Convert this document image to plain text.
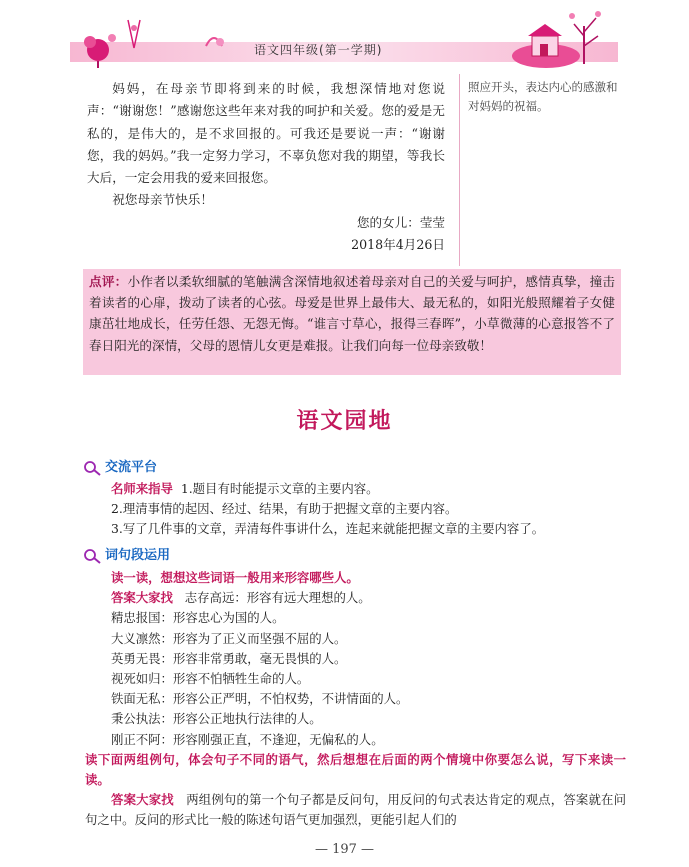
语文四年级(第一学期)

妈妈，在母亲节即将到来的时候，我想深情地对您说声：“谢谢您！”感谢您这些年来对我的呵护和关爱。您的爱是无私的，是伟大的，是不求回报的。可我还是要说一声：“谢谢您，我的妈妈。”我一定努力学习，不辜负您对我的期望，等我长大后，一定会用我的爱来回报您。

祝您母亲节快乐！

您的女儿：莹莹

2018年4月26日

照应开头，表达内心的感激和对妈妈的祝福。
点评：小作者以柔软细腻的笔触满含深情地叙述着母亲对自己的关爱与呵护，感情真挚，撞击着读者的心扉，拨动了读者的心弦。母爱是世界上最伟大、最无私的，如阳光般照耀着子女健康茁壮地成长，任劳任怨、无怨无悔。“谁言寸草心，报得三春晖”，小草微薄的心意报答不了春日阳光的深情，父母的恩情儿女更是难报。让我们向每一位母亲致敬！
语文园地
交流平台

名师来指导 1.题目有时能提示文章的主要内容。

2.理清事情的起因、经过、结果，有助于把握文章的主要内容。

3.写了几件事的文章，弄清每件事讲什么，连起来就能把握文章的主要内容了。

词句段运用

读一读，想想这些词语一般用来形容哪些人。

答案大家找 志存高远：形容有远大理想的人。

精忠报国：形容忠心为国的人。

大义凛然：形容为了正义而坚强不屈的人。

英勇无畏：形容非常勇敢，毫无畏惧的人。

视死如归：形容不怕牺牲生命的人。

铁面无私：形容公正严明，不怕权势，不讲情面的人。

秉公执法：形容公正地执行法律的人。

刚正不阿：形容刚强正直，不逢迎，无偏私的人。

读下面两组例句，体会句子不同的语气，然后想想在后面的两个情境中你要怎么说，写下来读一读。

答案大家找 两组例句的第一个句子都是反问句，用反问的句式表达肯定的观点，答案就在问句之中。反问的形式比一般的陈述句语气更加强烈，更能引起人们的

— 197 —
